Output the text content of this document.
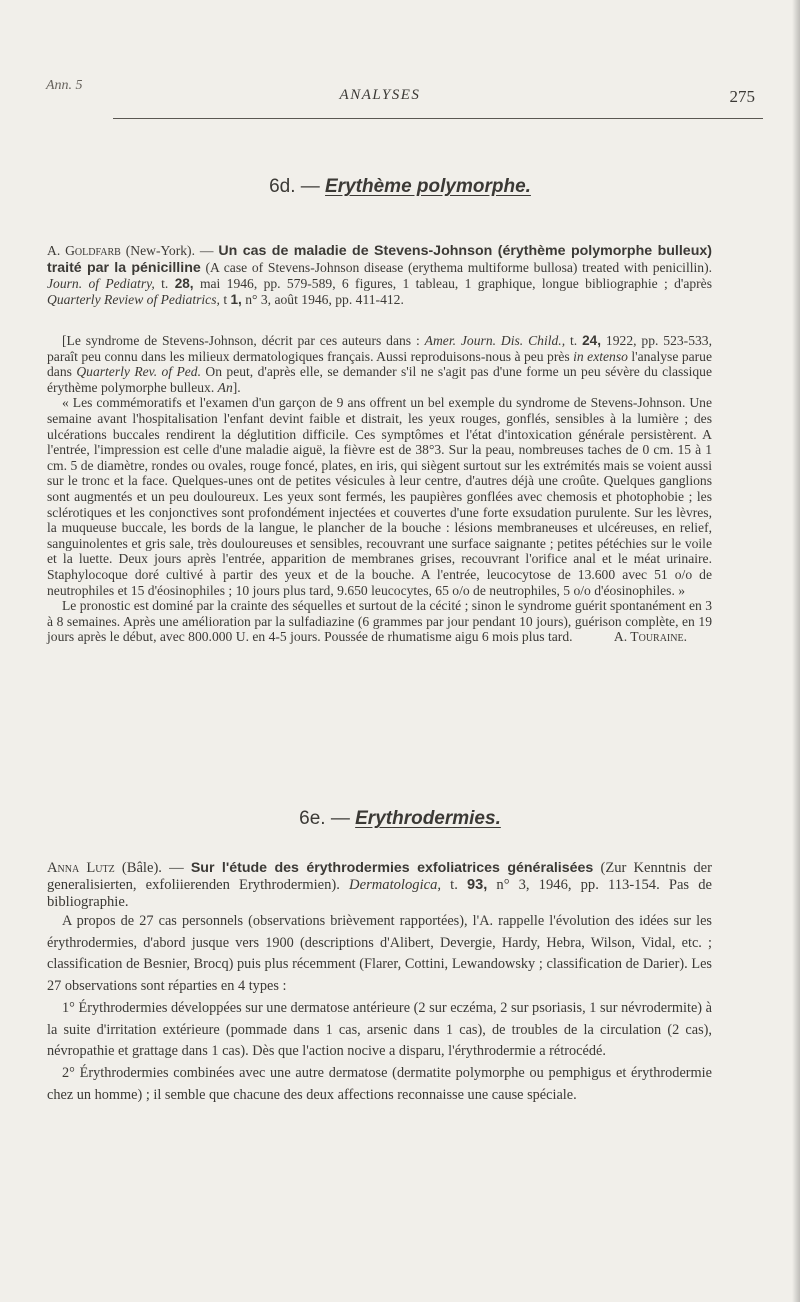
Ann. 5
ANALYSES	275
6d. — Erythème polymorphe.

A. Goldfarb (New-York). — Un cas de maladie de Stevens-Johnson (érythème polymorphe bulleux) traité par la pénicilline (A case of Stevens-Johnson disease (erythema multiforme bullosa) treated with penicillin). Journ. of Pediatry, t. 28, mai 1946, pp. 579-589, 6 figures, 1 tableau, 1 graphique, longue bibliographie ; d'après Quarterly Review of Pediatrics, t 1, n° 3, août 1946, pp. 411-412.

[Le syndrome de Stevens-Johnson, décrit par ces auteurs dans : Amer. Journ. Dis. Child., t. 24, 1922, pp. 523-533, paraît peu connu dans les milieux dermatologiques français. Aussi reproduisons-nous à peu près in extenso l'analyse parue dans Quarterly Rev. of Ped. On peut, d'après elle, se demander s'il ne s'agit pas d'une forme un peu sévère du classique érythème polymorphe bulleux. An].

« Les commémoratifs et l'examen d'un garçon de 9 ans offrent un bel exemple du syndrome de Stevens-Johnson. Une semaine avant l'hospitalisation l'enfant devint faible et distrait, les yeux rouges, gonflés, sensibles à la lumière ; des ulcérations buccales rendirent la déglutition difficile. Ces symptômes et l'état d'intoxication générale persistèrent. A l'entrée, l'impression est celle d'une maladie aiguë, la fièvre est de 38°3. Sur la peau, nombreuses taches de 0 cm. 15 à 1 cm. 5 de diamètre, rondes ou ovales, rouge foncé, plates, en iris, qui siègent surtout sur les extrémités mais se voient aussi sur le tronc et la face. Quelques-unes ont de petites vésicules à leur centre, d'autres déjà une croûte. Quelques ganglions sont augmentés et un peu douloureux. Les yeux sont fermés, les paupières gonflées avec chemosis et photophobie ; les sclérotiques et les conjonctives sont profondément injectées et couvertes d'une forte exsudation purulente. Sur les lèvres, la muqueuse buccale, les bords de la langue, le plancher de la bouche : lésions membraneuses et ulcéreuses, en relief, sanguinolentes et gris sale, très douloureuses et sensibles, recouvrant une surface saignante ; petites pétéchies sur le voile et la luette. Deux jours après l'entrée, apparition de membranes grises, recouvrant l'orifice anal et le méat urinaire. Staphylocoque doré cultivé à partir des yeux et de la bouche. A l'entrée, leucocytose de 13.600 avec 51 o/o de neutrophiles et 15 d'éosinophiles ; 10 jours plus tard, 9.650 leucocytes, 65 o/o de neutrophiles, 5 o/o d'éosinophiles. »

Le pronostic est dominé par la crainte des séquelles et surtout de la cécité ; sinon le syndrome guérit spontanément en 3 à 8 semaines. Après une amélioration par la sulfadiazine (6 grammes par jour pendant 10 jours), guérison complète, en 19 jours après le début, avec 800.000 U. en 4-5 jours. Poussée de rhumatisme aigu 6 mois plus tard.	A. Touraine.

6e. — Erythrodermies.

Anna Lutz (Bâle). — Sur l'étude des érythrodermies exfoliatrices généralisées (Zur Kenntnis der generalisierten, exfoliierenden Erythrodermien). Dermatologica, t. 93, n° 3, 1946, pp. 113-154. Pas de bibliographie.

A propos de 27 cas personnels (observations brièvement rapportées), l'A. rappelle l'évolution des idées sur les érythrodermies, d'abord jusque vers 1900 (descriptions d'Alibert, Devergie, Hardy, Hebra, Wilson, Vidal, etc. ; classification de Besnier, Brocq) puis plus récemment (Flarer, Cottini, Lewandowsky ; classification de Darier). Les 27 observations sont réparties en 4 types :

1° Érythrodermies développées sur une dermatose antérieure (2 sur eczéma, 2 sur psoriasis, 1 sur névrodermite) à la suite d'irritation extérieure (pommade dans 1 cas, arsenic dans 1 cas), de troubles de la circulation (2 cas), névropathie et grattage dans 1 cas). Dès que l'action nocive a disparu, l'érythrodermie a rétrocédé.

2° Érythrodermies combinées avec une autre dermatose (dermatite polymorphe ou pemphigus et érythrodermie chez un homme) ; il semble que chacune des deux affections reconnaisse une cause spéciale.
